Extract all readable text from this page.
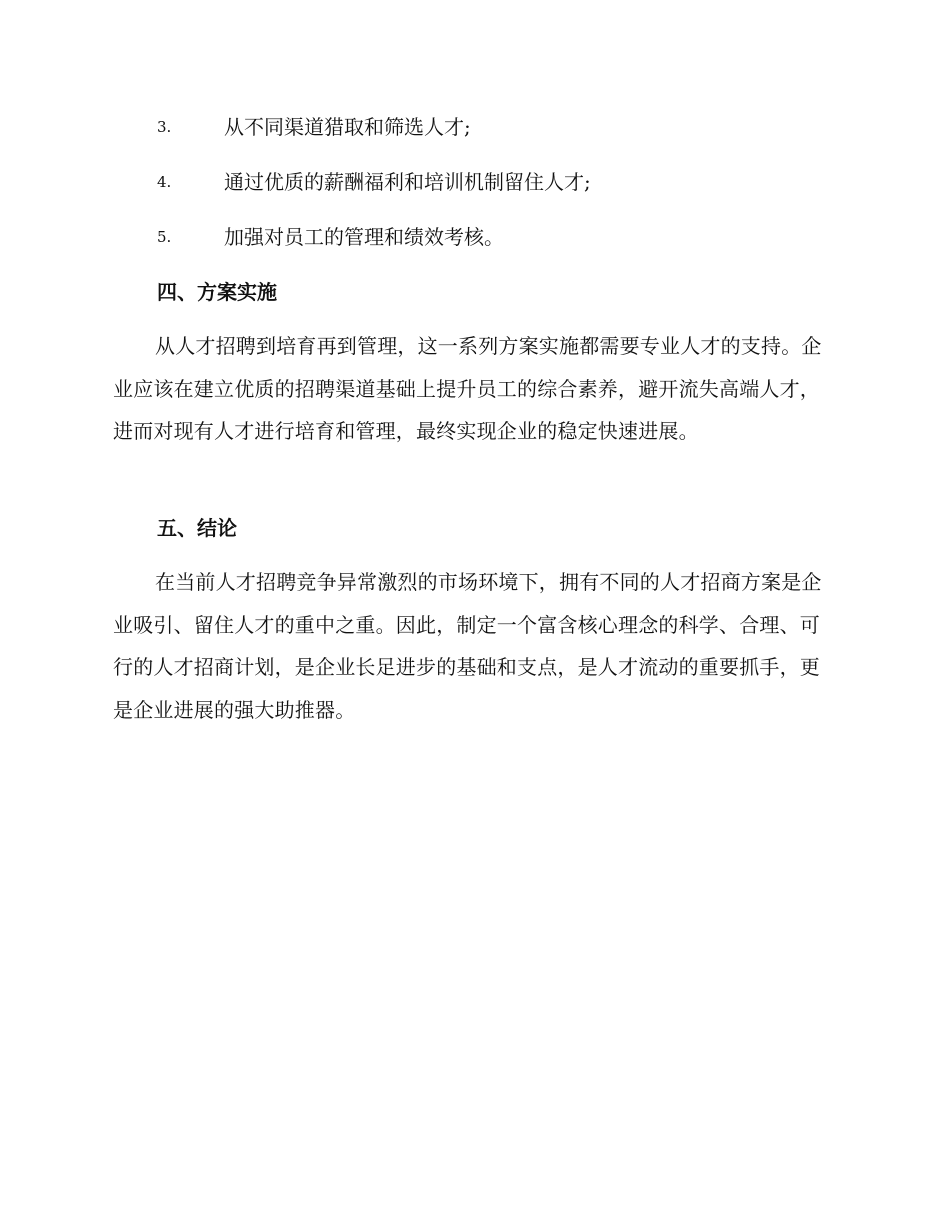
3.	从不同渠道猎取和筛选人才;
4.	通过优质的薪酬福利和培训机制留住人才;
5.	加强对员工的管理和绩效考核。
四、方案实施

从人才招聘到培育再到管理，这一系列方案实施都需要专业人才的支持。企业应该在建立优质的招聘渠道基础上提升员工的综合素养，避开流失高端人才，进而对现有人才进行培育和管理，最终实现企业的稳定快速进展。

五、结论

在当前人才招聘竞争异常激烈的市场环境下，拥有不同的人才招商方案是企业吸引、留住人才的重中之重。因此，制定一个富含核心理念的科学、合理、可行的人才招商计划，是企业长足进步的基础和支点，是人才流动的重要抓手，更是企业进展的强大助推器。
